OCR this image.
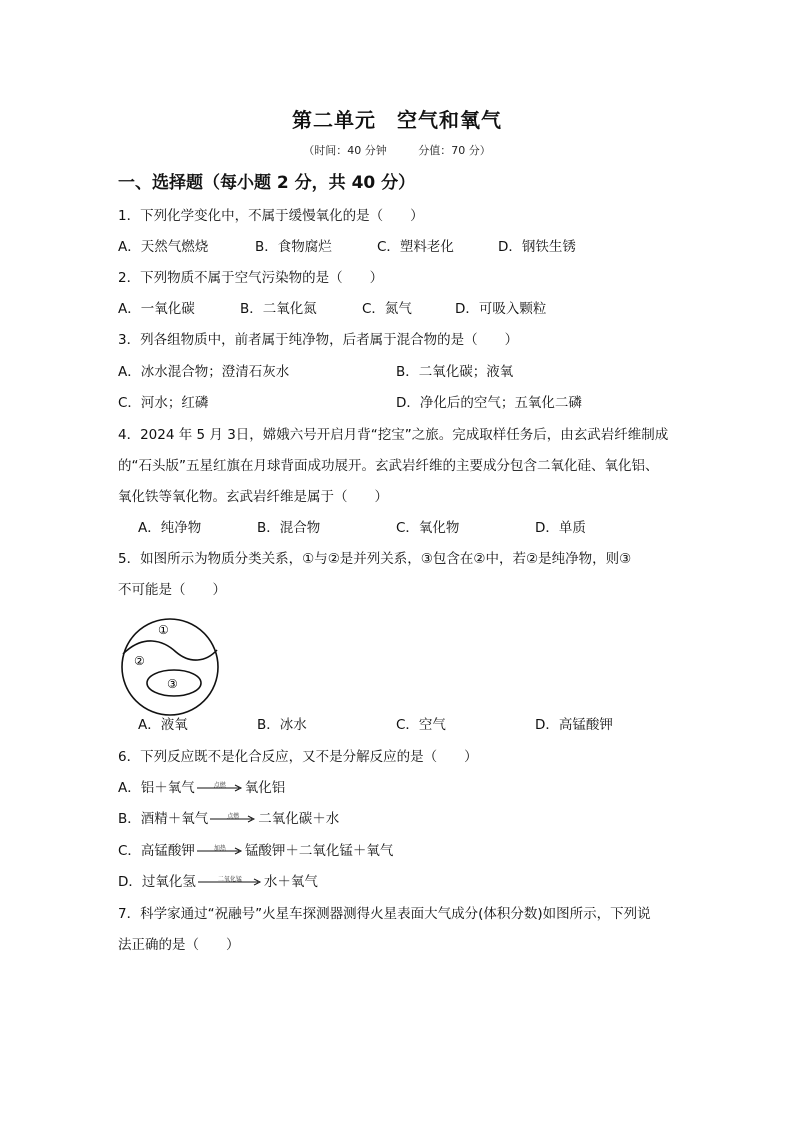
第二单元　空气和氧气
（时间：40 分钟	分值：70 分）
一、选择题（每小题 2 分，共 40 分）
1．下列化学变化中，不属于缓慢氧化的是（　　）
A．天然气燃烧	B．食物腐烂	C．塑料老化	D．钢铁生锈
2．下列物质不属于空气污染物的是（　　）
A．一氧化碳	B．二氧化氮	C．氮气	D．可吸入颗粒
3．列各组物质中，前者属于纯净物，后者属于混合物的是（　　）
A．冰水混合物；澄清石灰水	B．二氧化碳；液氧
C．河水；红磷	D．净化后的空气；五氧化二磷
4．2024 年 5 月 3日，嫦娥六号开启月背“挖宝”之旅。完成取样任务后，由玄武岩纤维制成
的“石头版”五星红旗在月球背面成功展开。玄武岩纤维的主要成分包含二氧化硅、氧化铝、
氧化铁等氧化物。玄武岩纤维是属于（　　）
A．纯净物	B．混合物	C．氧化物	D．单质
5．如图所示为物质分类关系，①与②是并列关系，③包含在②中，若②是纯净物，则③
不可能是（　　）
①
②
③
A．液氧	B．冰水	C．空气	D．高锰酸钾
6．下列反应既不是化合反应，又不是分解反应的是（　　）
A．铝＋氧气	点燃	氧化铝
B．酒精＋氧气	点燃	二氧化碳＋水
C．高锰酸钾	加热	锰酸钾＋二氧化锰＋氧气
D．过氧化氢	二氧化锰	水＋氧气
7．科学家通过“祝融号”火星车探测器测得火星表面大气成分(体积分数)如图所示，下列说
法正确的是（　　）
